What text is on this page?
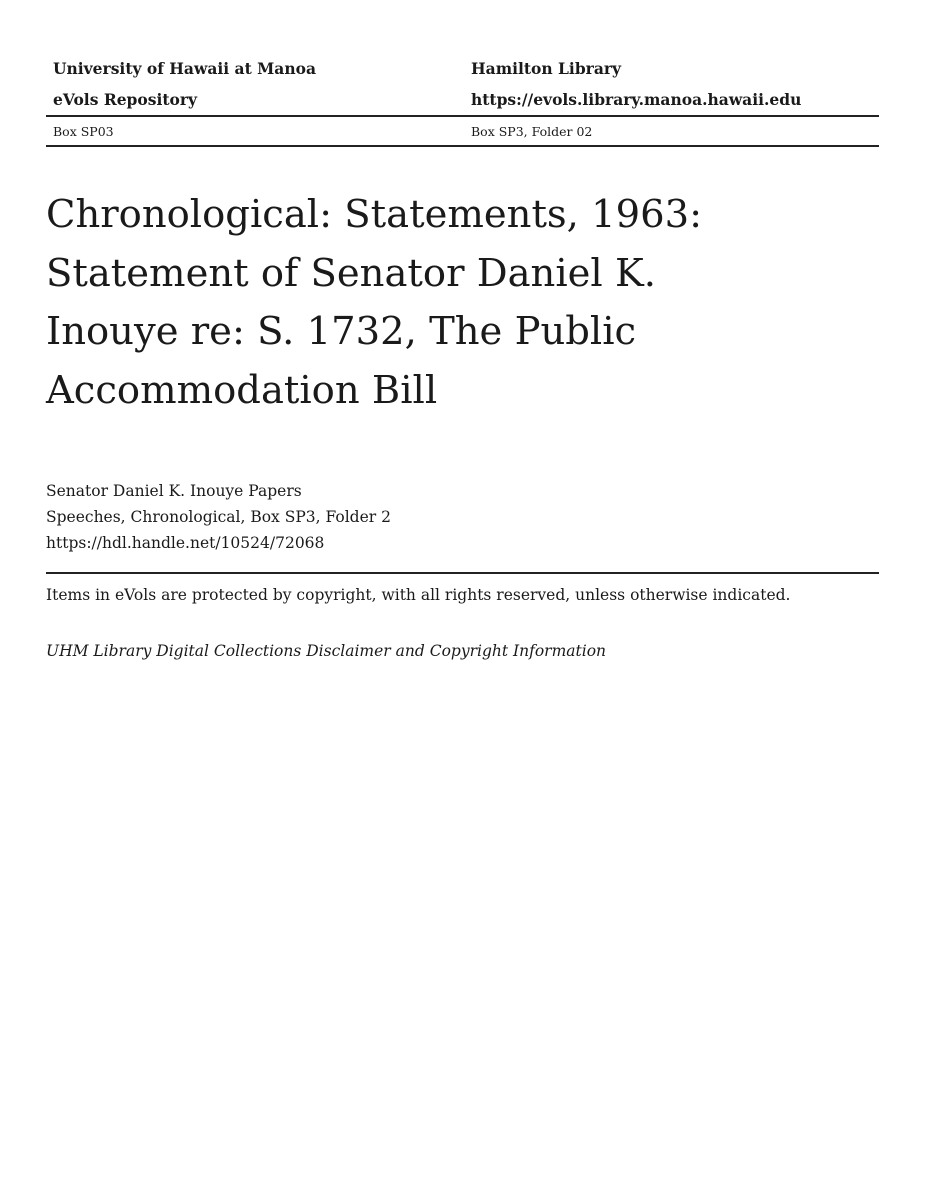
University of Hawaii at Manoa	Hamilton Library
eVols Repository	https://evols.library.manoa.hawaii.edu
Box SP03	Box SP3, Folder 02
Chronological: Statements, 1963:
Statement of Senator Daniel K.
Inouye re: S. 1732, The Public
Accommodation Bill
Senator Daniel K. Inouye Papers
Speeches, Chronological, Box SP3, Folder 2
https://hdl.handle.net/10524/72068
Items in eVols are protected by copyright, with all rights reserved, unless otherwise indicated.
UHM Library Digital Collections Disclaimer and Copyright Information
